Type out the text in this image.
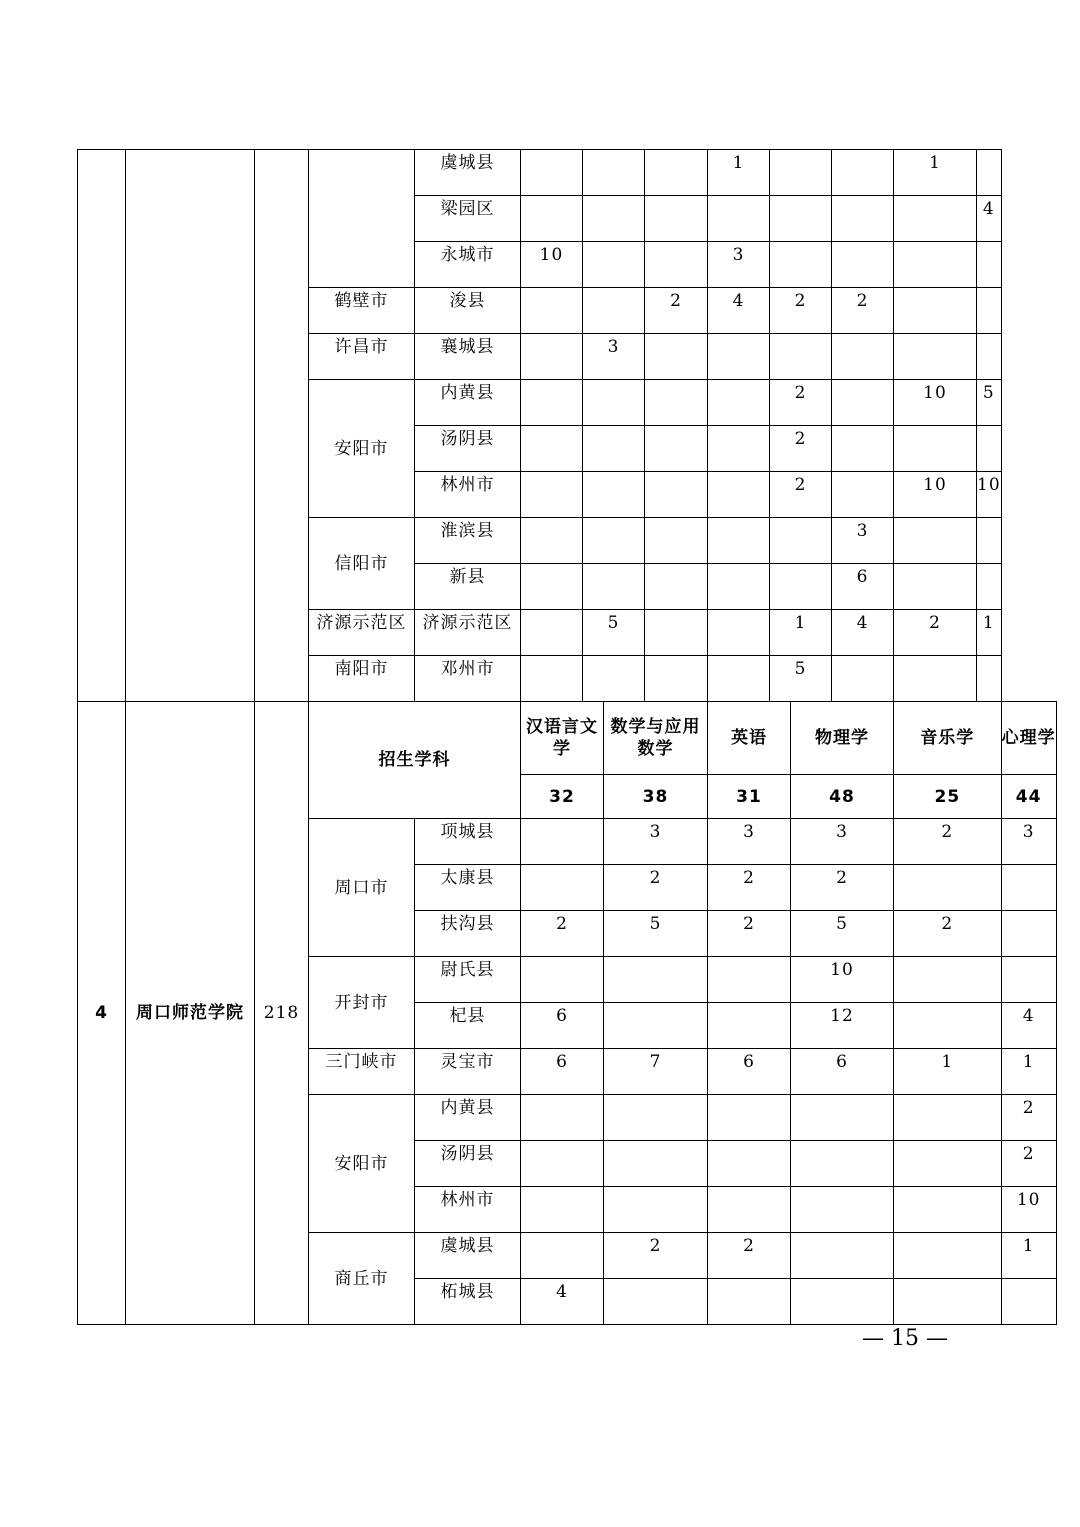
				虞城县					1				1		
				梁园区										4	
				永城市	10				3						
			鹤壁市	浚县				2	4	2		2			
			许昌市	襄城县		3									
			安阳市	内黄县						2			10	5	
				汤阴县						2					
				林州市						2			10	10	
			信阳市	淮滨县								3			
				新县								6			
			济源示范区	济源示范区		5				1		4	2	1	
			南阳市	邓州市						5					
4	周口师范学院	218	招生学科		汉语言文学		数学与应用数学		英语		物理学		音乐学		心理学
					32		38		31		48		25		44
			周口市	项城县			3		3		3		2		3
				太康县			2		2		2				
				扶沟县	2		5		2		5		2		
			开封市	尉氏县							10				
				杞县	6						12				4
			三门峡市	灵宝市	6		7		6		6		1		1
			安阳市	内黄县											2
				汤阴县											2
				林州市											10
			商丘市	虞城县			2		2						1
				柘城县	4										
— 15 —
